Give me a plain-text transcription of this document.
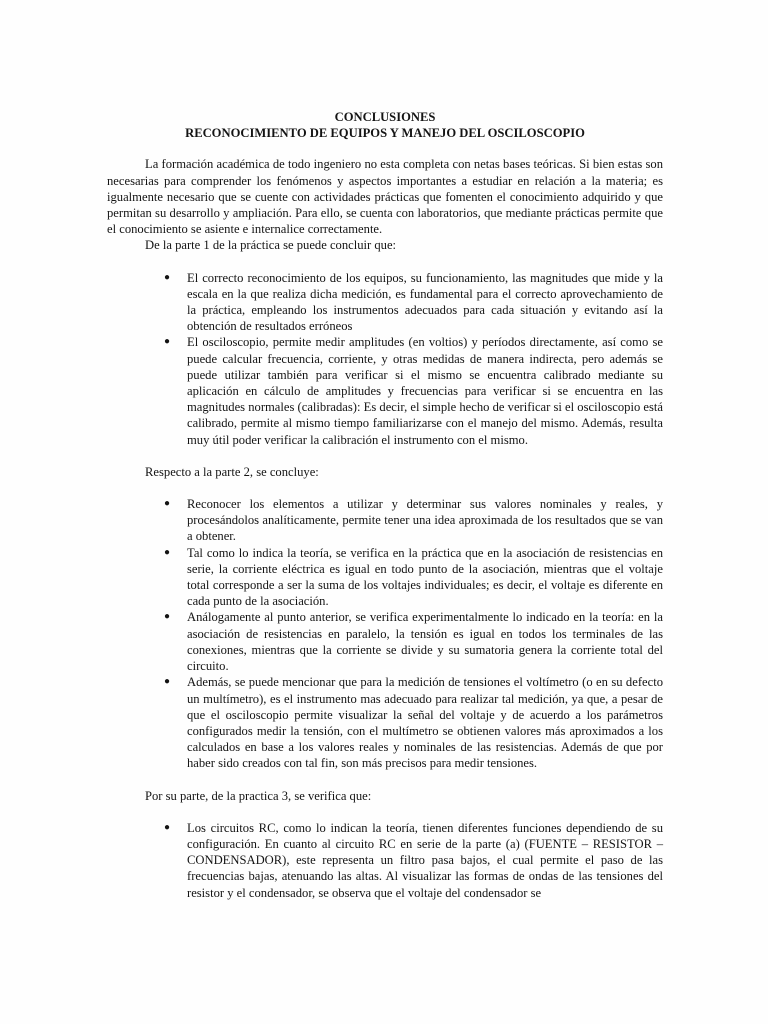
CONCLUSIONES

RECONOCIMIENTO DE EQUIPOS Y MANEJO DEL OSCILOSCOPIO

La formación académica de todo ingeniero no esta completa con netas bases teóricas. Si bien estas son necesarias para comprender los fenómenos y aspectos importantes a estudiar en relación a la materia; es igualmente necesario que se cuente con actividades prácticas que fomenten el conocimiento adquirido y que permitan su desarrollo y ampliación. Para ello, se cuenta con laboratorios, que mediante prácticas permite que el conocimiento se asiente e internalice correctamente.

De la parte 1 de la práctica se puede concluir que:

● El correcto reconocimiento de los equipos, su funcionamiento, las magnitudes que mide y la escala en la que realiza dicha medición, es fundamental para el correcto aprovechamiento de la práctica, empleando los instrumentos adecuados para cada situación y evitando así la obtención de resultados erróneos
● El osciloscopio, permite medir amplitudes (en voltios) y períodos directamente, así como se puede calcular frecuencia, corriente, y otras medidas de manera indirecta, pero además se puede utilizar también para verificar si el mismo se encuentra calibrado mediante su aplicación en cálculo de amplitudes y frecuencias para verificar si se encuentra en las magnitudes normales (calibradas): Es decir, el simple hecho de verificar si el osciloscopio está calibrado, permite al mismo tiempo familiarizarse con el manejo del mismo. Además, resulta muy útil poder verificar la calibración el instrumento con el mismo.

Respecto a la parte 2, se concluye:

● Reconocer los elementos a utilizar y determinar sus valores nominales y reales, y procesándolos analíticamente, permite tener una idea aproximada de los resultados que se van a obtener.
● Tal como lo indica la teoría, se verifica en la práctica que en la asociación de resistencias en serie, la corriente eléctrica es igual en todo punto de la asociación, mientras que el voltaje total corresponde a ser la suma de los voltajes individuales; es decir, el voltaje es diferente en cada punto de la asociación.
● Análogamente al punto anterior, se verifica experimentalmente lo indicado en la teoría: en la asociación de resistencias en paralelo, la tensión es igual en todos los terminales de las conexiones, mientras que la corriente se divide y su sumatoria genera la corriente total del circuito.
● Además, se puede mencionar que para la medición de tensiones el voltímetro (o en su defecto un multímetro), es el instrumento mas adecuado para realizar tal medición, ya que, a pesar de que el osciloscopio permite visualizar la señal del voltaje y de acuerdo a los parámetros configurados medir la tensión, con el multímetro se obtienen valores más aproximados a los calculados en base a los valores reales y nominales de las resistencias. Además de que por haber sido creados con tal fin, son más precisos para medir tensiones.

Por su parte, de la practica 3, se verifica que:

● Los circuitos RC, como lo indican la teoría, tienen diferentes funciones dependiendo de su configuración. En cuanto al circuito RC en serie de la parte (a) (FUENTE – RESISTOR – CONDENSADOR), este representa un filtro pasa bajos, el cual permite el paso de las frecuencias bajas, atenuando las altas. Al visualizar las formas de ondas de las tensiones del resistor y el condensador, se observa que el voltaje del condensador se
